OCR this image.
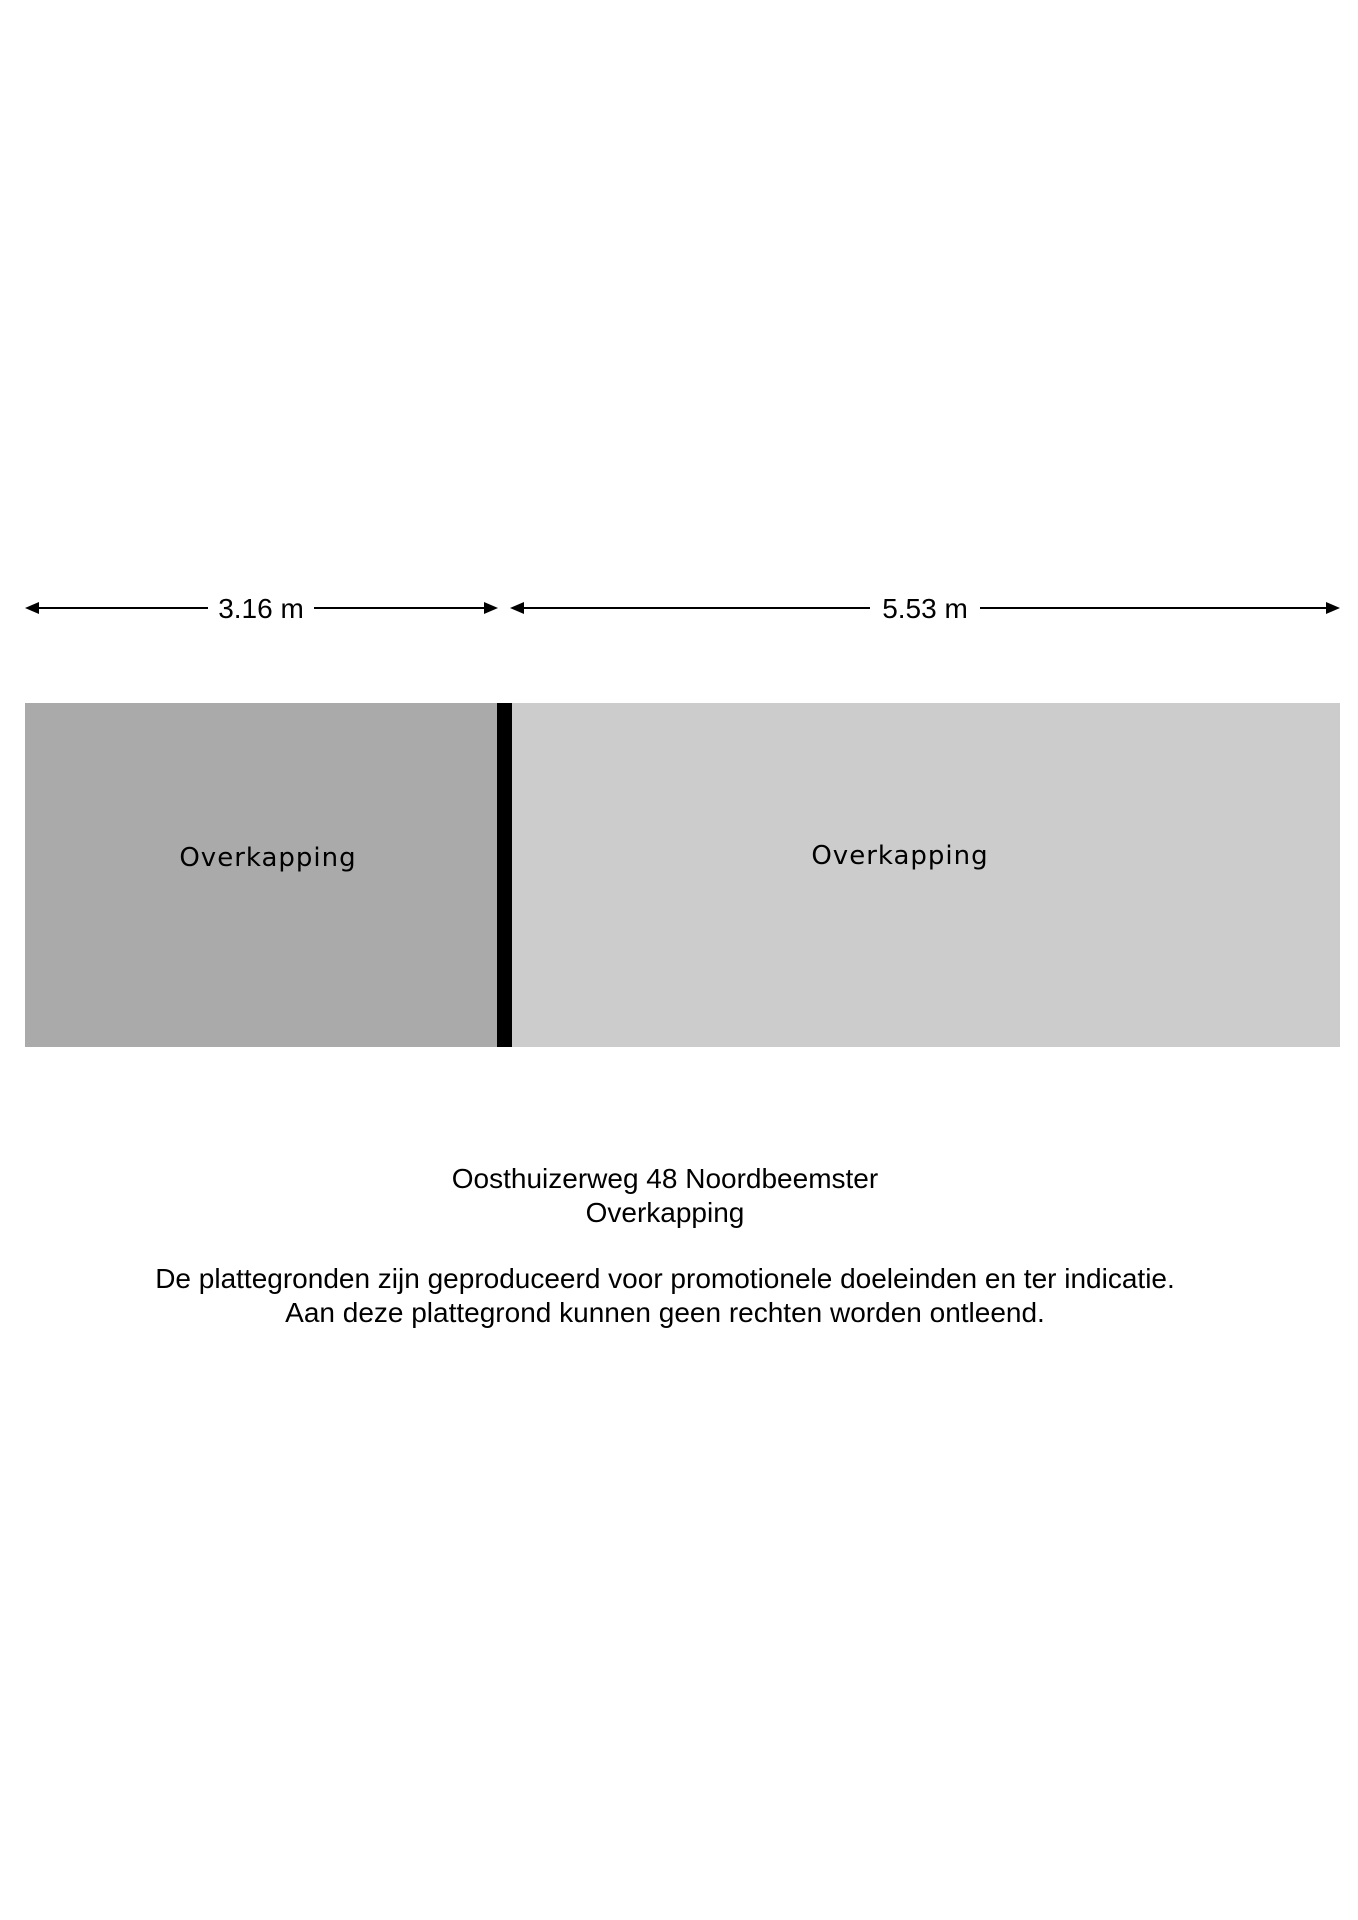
3.16 m	5.53 m
Overkapping	Overkapping

Oosthuizerweg 48 Noordbeemster

Overkapping

De plattegronden zijn geproduceerd voor promotionele doeleinden en ter indicatie.

Aan deze plattegrond kunnen geen rechten worden ontleend.
